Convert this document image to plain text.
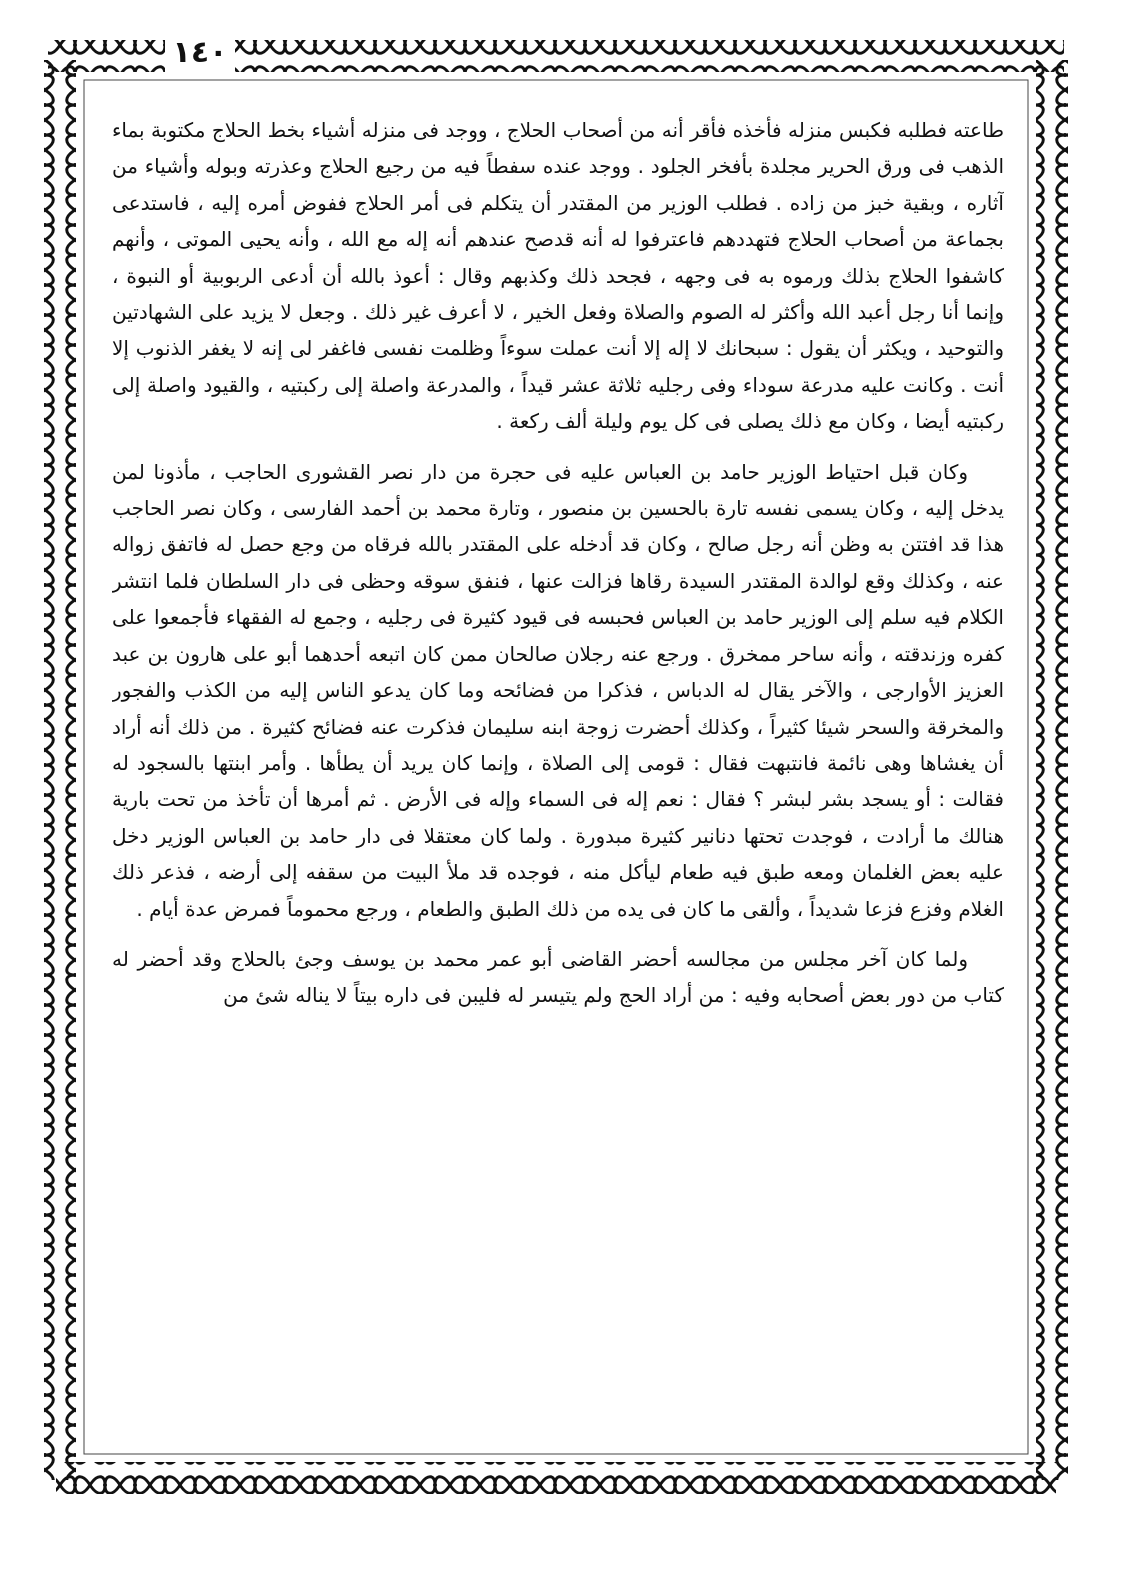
١٤٠

طاعته فطلبه فكبس منزله فأخذه فأقر أنه من أصحاب الحلاج ، ووجد فى منزله أشياء بخط الحلاج مكتوبة بماء الذهب فى ورق الحرير مجلدة بأفخر الجلود . ووجد عنده سفطاً فيه من رجيع الحلاج وعذرته وبوله وأشياء من آثاره ، وبقية خبز من زاده . فطلب الوزير من المقتدر أن يتكلم فى أمر الحلاج ففوض أمره إليه ، فاستدعى بجماعة من أصحاب الحلاج فتهددهم فاعترفوا له أنه قدصح عندهم أنه إله مع الله ، وأنه يحيى الموتى ، وأنهم كاشفوا الحلاج بذلك ورموه به فى وجهه ، فجحد ذلك وكذبهم وقال : أعوذ بالله أن أدعى الربوبية أو النبوة ، وإنما أنا رجل أعبد الله وأكثر له الصوم والصلاة وفعل الخير ، لا أعرف غير ذلك . وجعل لا يزيد على الشهادتين والتوحيد ، ويكثر أن يقول : سبحانك لا إله إلا أنت عملت سوءاً وظلمت نفسى فاغفر لى إنه لا يغفر الذنوب إلا أنت . وكانت عليه مدرعة سوداء وفى رجليه ثلاثة عشر قيداً ، والمدرعة واصلة إلى ركبتيه ، والقيود واصلة إلى ركبتيه أيضا ، وكان مع ذلك يصلى فى كل يوم وليلة ألف ركعة .

وكان قبل احتياط الوزير حامد بن العباس عليه فى حجرة من دار نصر القشورى الحاجب ، مأذونا لمن يدخل إليه ، وكان يسمى نفسه تارة بالحسين بن منصور ، وتارة محمد بن أحمد الفارسى ، وكان نصر الحاجب هذا قد افتتن به وظن أنه رجل صالح ، وكان قد أدخله على المقتدر بالله فرقاه من وجع حصل له فاتفق زواله عنه ، وكذلك وقع لوالدة المقتدر السيدة رقاها فزالت عنها ، فنفق سوقه وحظى فى دار السلطان فلما انتشر الكلام فيه سلم إلى الوزير حامد بن العباس فحبسه فى قيود كثيرة فى رجليه ، وجمع له الفقهاء فأجمعوا على كفره وزندقته ، وأنه ساحر ممخرق . ورجع عنه رجلان صالحان ممن كان اتبعه أحدهما أبو على هارون بن عبد العزيز الأوارجى ، والآخر يقال له الدباس ، فذكرا من فضائحه وما كان يدعو الناس إليه من الكذب والفجور والمخرقة والسحر شيئا كثيراً ، وكذلك أحضرت زوجة ابنه سليمان فذكرت عنه فضائح كثيرة . من ذلك أنه أراد أن يغشاها وهى نائمة فانتبهت فقال : قومى إلى الصلاة ، وإنما كان يريد أن يطأها . وأمر ابنتها بالسجود له فقالت : أو يسجد بشر لبشر ؟ فقال : نعم إله فى السماء وإله فى الأرض . ثم أمرها أن تأخذ من تحت بارية هنالك ما أرادت ، فوجدت تحتها دنانير كثيرة مبدورة . ولما كان معتقلا فى دار حامد بن العباس الوزير دخل عليه بعض الغلمان ومعه طبق فيه طعام ليأكل منه ، فوجده قد ملأ البيت من سقفه إلى أرضه ، فذعر ذلك الغلام وفزع فزعا شديداً ، وألقى ما كان فى يده من ذلك الطبق والطعام ، ورجع محموماً فمرض عدة أيام .

ولما كان آخر مجلس من مجالسه أحضر القاضى أبو عمر محمد بن يوسف وجئ بالحلاج وقد أحضر له كتاب من دور بعض أصحابه وفيه : من أراد الحج ولم يتيسر له فليبن فى داره بيتاً لا يناله شئ من
